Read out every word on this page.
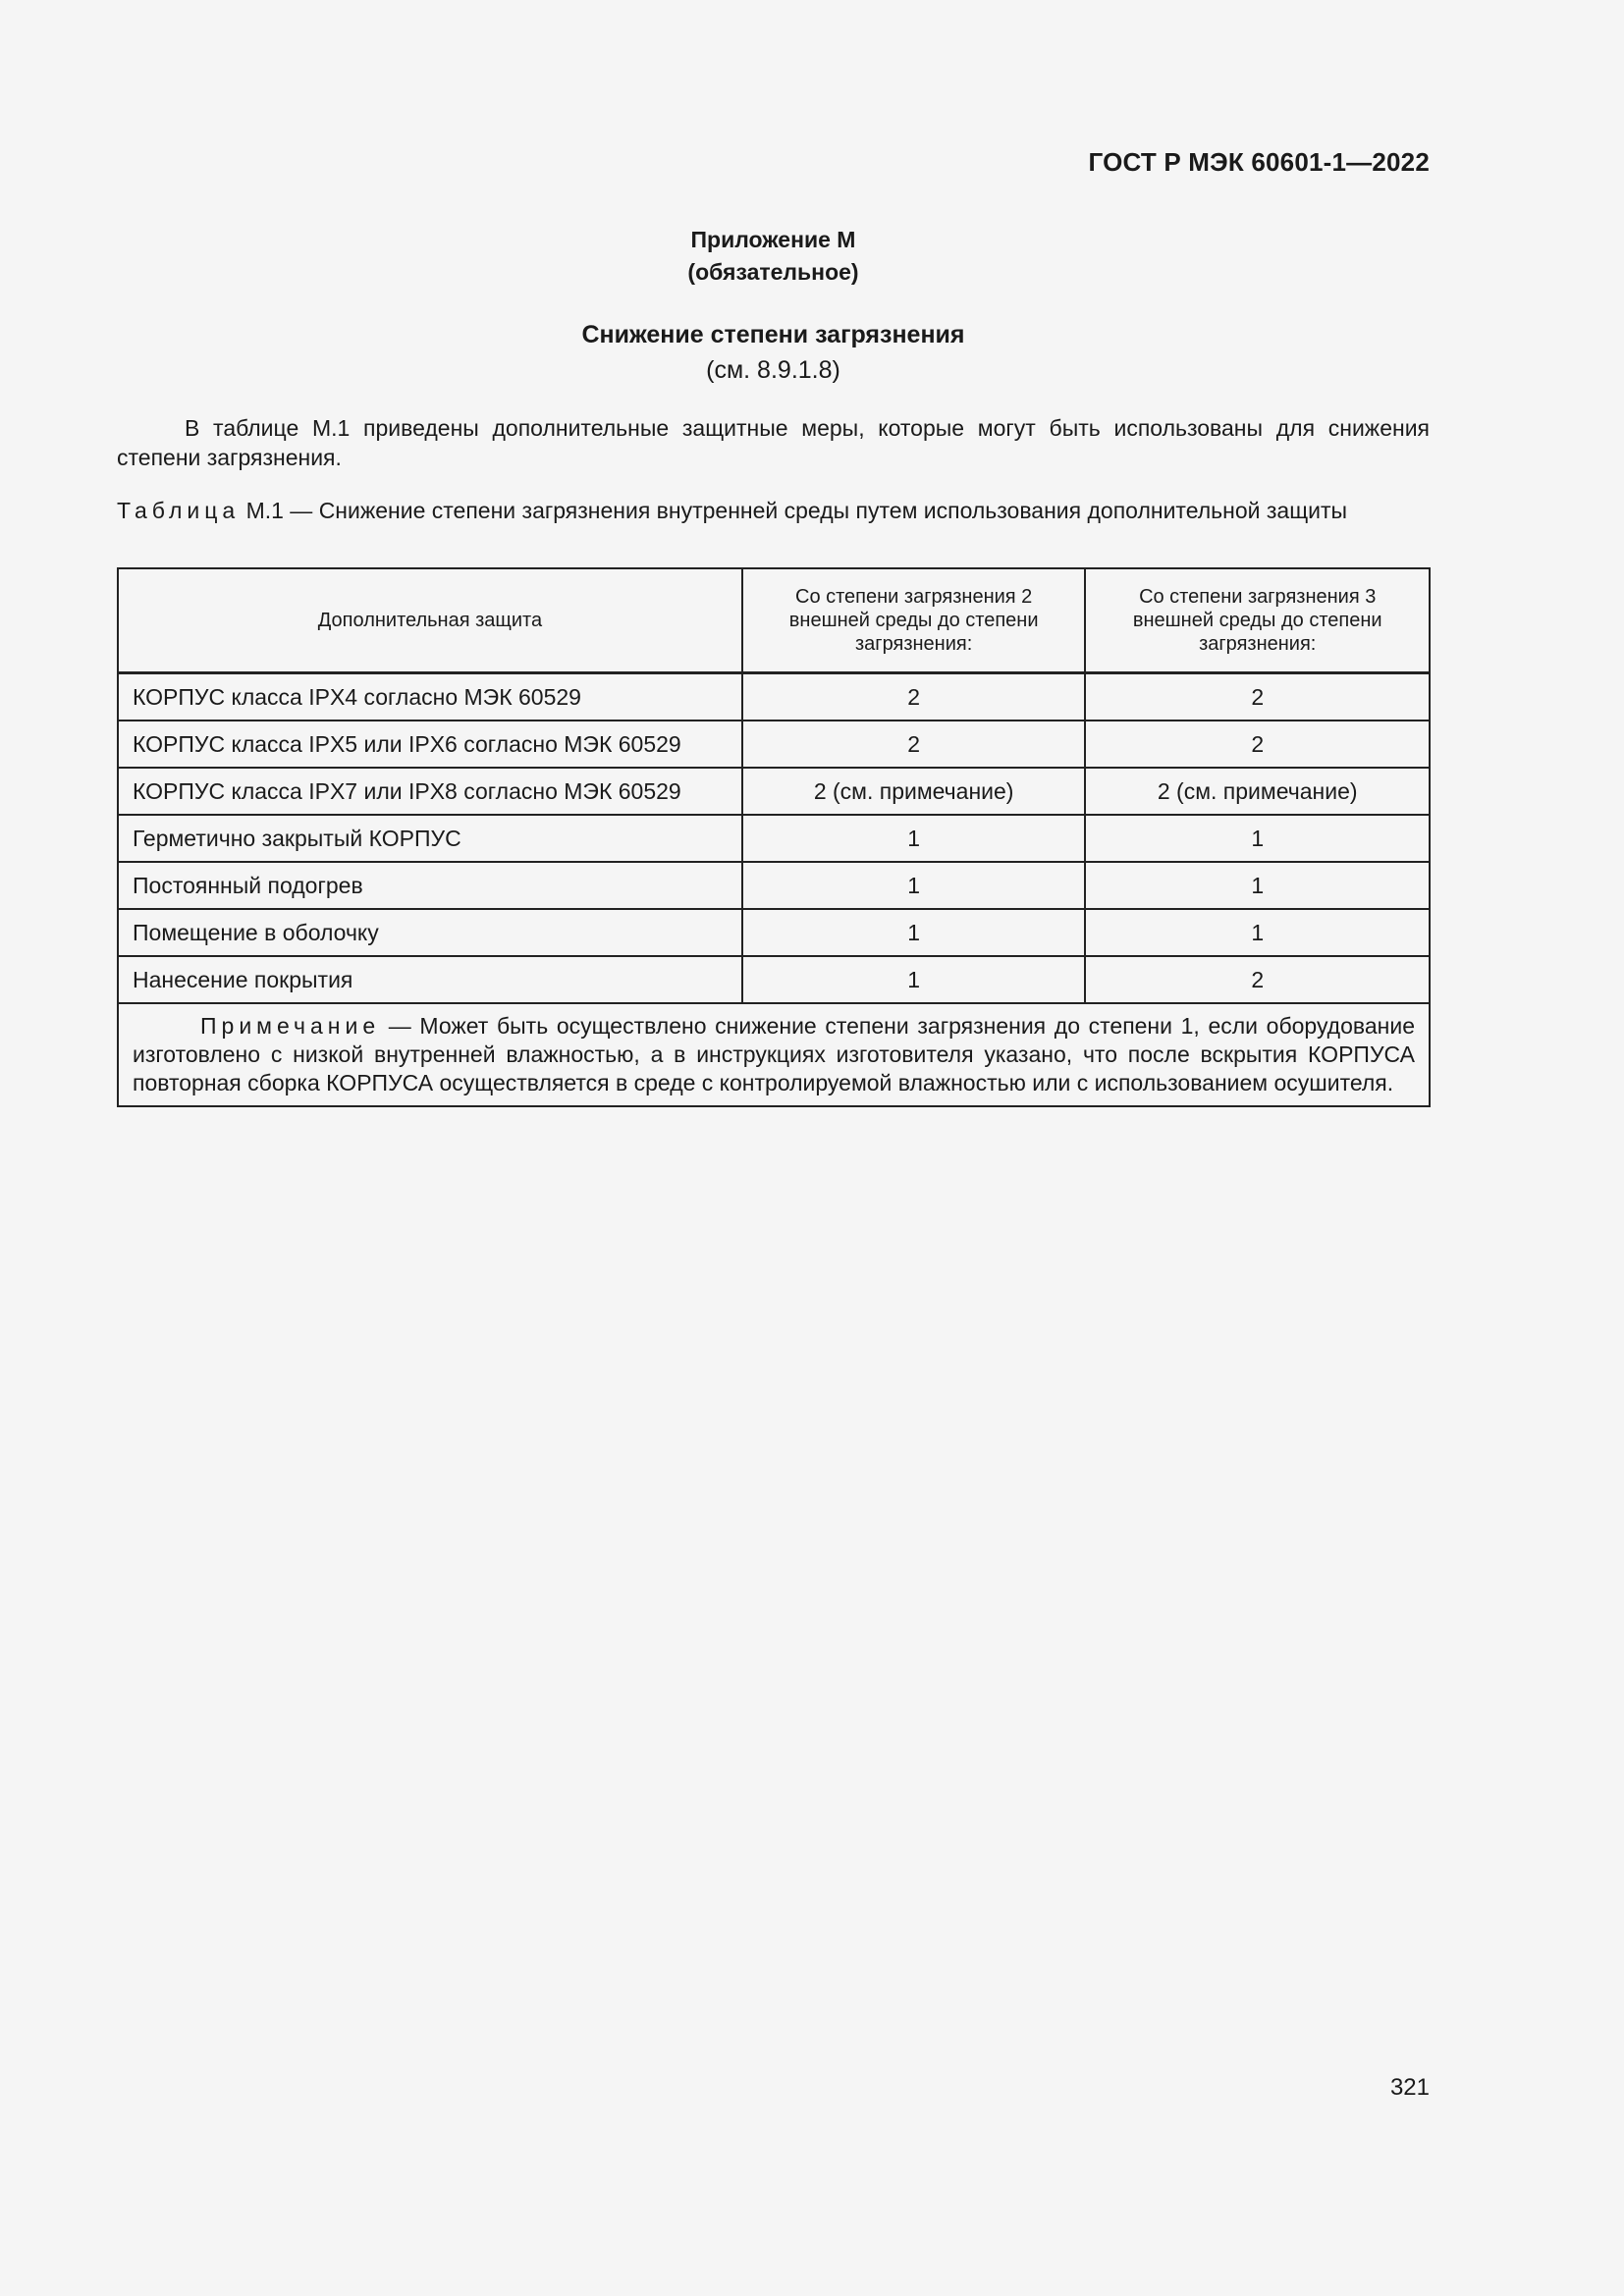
ГОСТ Р МЭК 60601-1—2022
Приложение М
(обязательное)
Снижение степени загрязнения
(см. 8.9.1.8)

В таблице М.1 приведены дополнительные защитные меры, которые могут быть использованы для снижения степени загрязнения.

Таблица М.1 — Снижение степени загрязнения внутренней среды путем использования дополнительной защиты
Дополнительная защита	Со степени загрязнения 2 внешней среды до степени загрязнения:	Со степени загрязнения 3 внешней среды до степени загрязнения:
КОРПУС класса IPX4 согласно МЭК 60529	2	2
КОРПУС класса IPX5 или IPX6 согласно МЭК 60529	2	2
КОРПУС класса IPX7 или IPX8 согласно МЭК 60529	2 (см. примечание)	2 (см. примечание)
Герметично закрытый КОРПУС	1	1
Постоянный подогрев	1	1
Помещение в оболочку	1	1
Нанесение покрытия	1	2
Примечание — Может быть осуществлено снижение степени загрязнения до степени 1, если оборудование изготовлено с низкой внутренней влажностью, а в инструкциях изготовителя указано, что после вскрытия КОРПУСА повторная сборка КОРПУСА осуществляется в среде с контролируемой влажностью или с использованием осушителя.		
321
